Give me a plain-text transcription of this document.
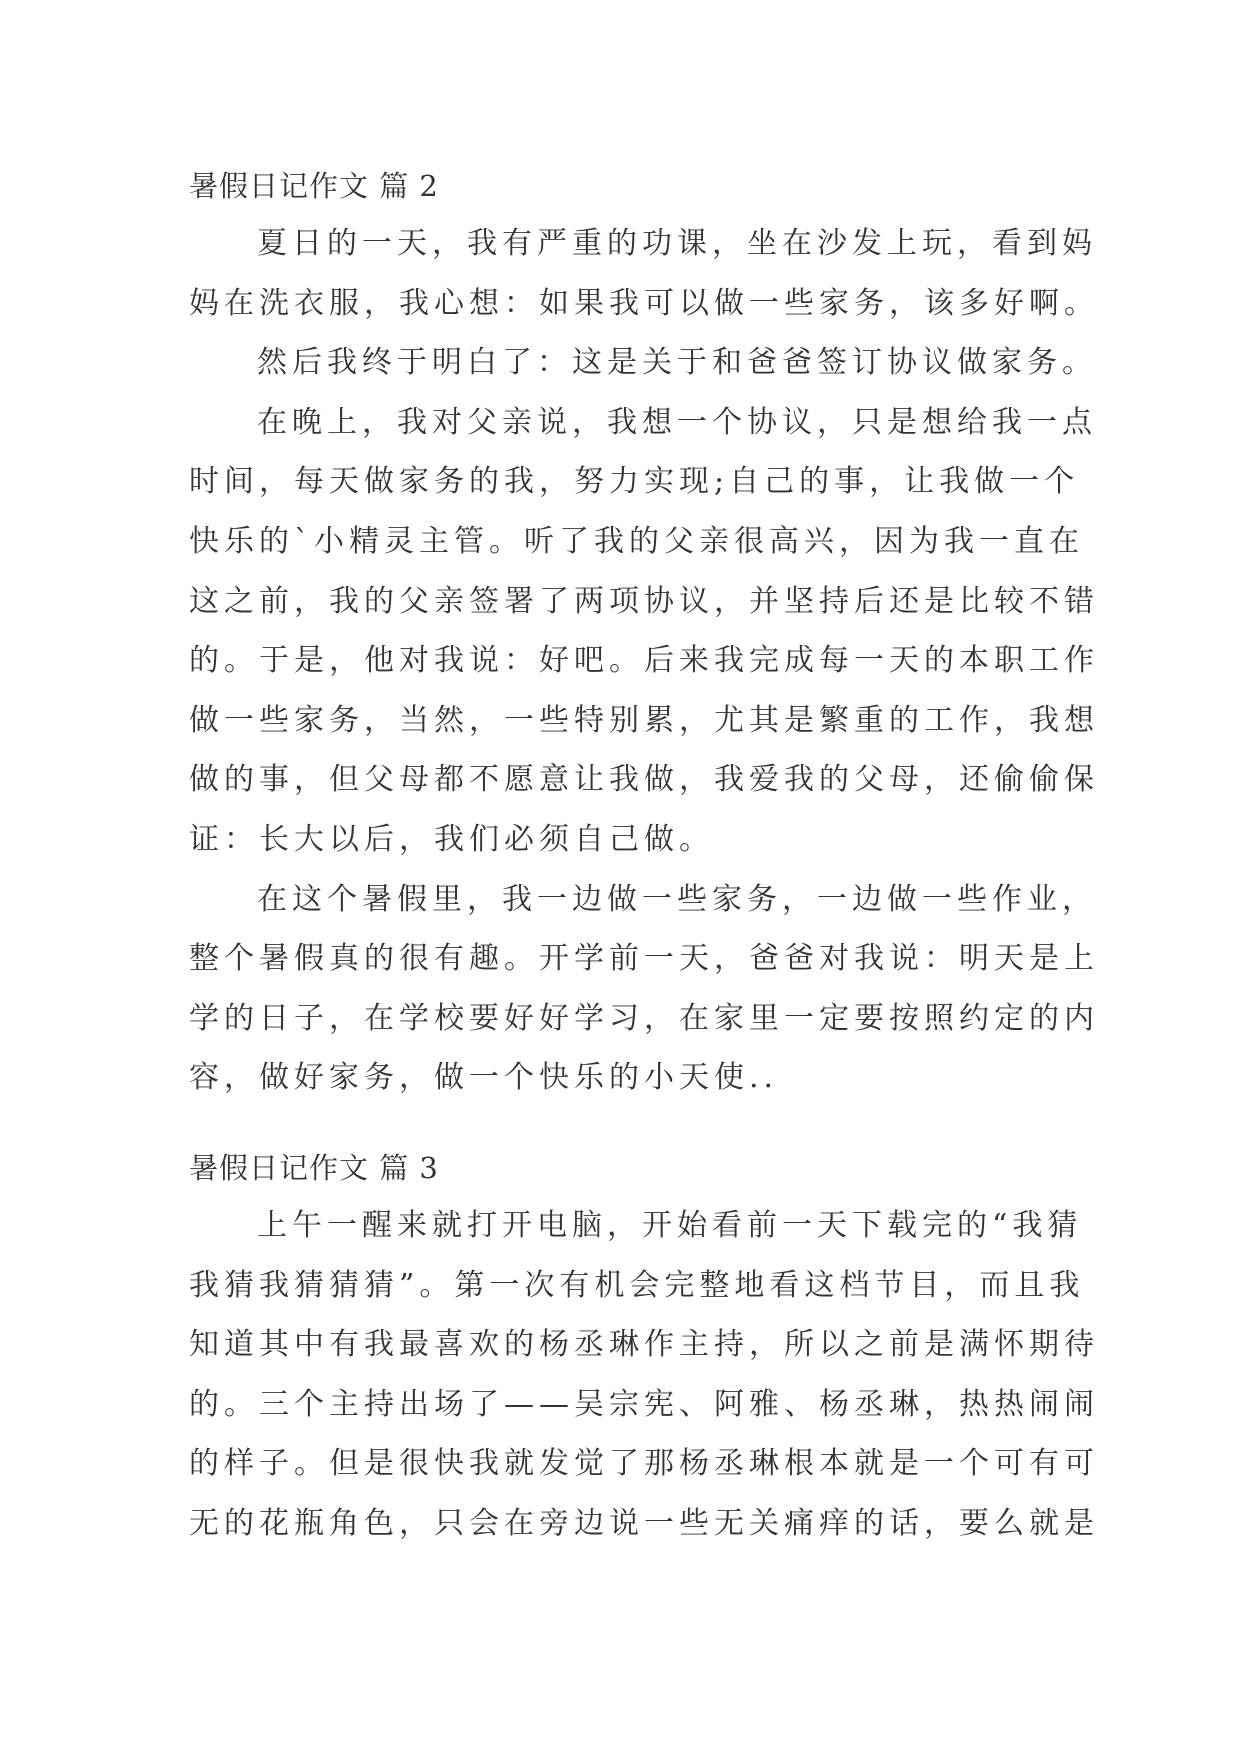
暑假日记作文 篇 2
夏日的一天，我有严重的功课，坐在沙发上玩，看到妈
妈在洗衣服，我心想：如果我可以做一些家务，该多好啊。
然后我终于明白了：这是关于和爸爸签订协议做家务。
在晚上，我对父亲说，我想一个协议，只是想给我一点
时间，每天做家务的我，努力实现;自己的事，让我做一个
快乐的`小精灵主管。听了我的父亲很高兴，因为我一直在
这之前，我的父亲签署了两项协议，并坚持后还是比较不错
的。于是，他对我说：好吧。后来我完成每一天的本职工作
做一些家务，当然，一些特别累，尤其是繁重的工作，我想
做的事，但父母都不愿意让我做，我爱我的父母，还偷偷保
证：长大以后，我们必须自己做。
在这个暑假里，我一边做一些家务，一边做一些作业，
整个暑假真的很有趣。开学前一天，爸爸对我说：明天是上
学的日子，在学校要好好学习，在家里一定要按照约定的内
容，做好家务，做一个快乐的小天使..
暑假日记作文 篇 3
上午一醒来就打开电脑，开始看前一天下载完的“我猜
我猜我猜猜猜”。第一次有机会完整地看这档节目，而且我
知道其中有我最喜欢的杨丞琳作主持，所以之前是满怀期待
的。三个主持出场了——吴宗宪、阿雅、杨丞琳，热热闹闹
的样子。但是很快我就发觉了那杨丞琳根本就是一个可有可
无的花瓶角色，只会在旁边说一些无关痛痒的话，要么就是
